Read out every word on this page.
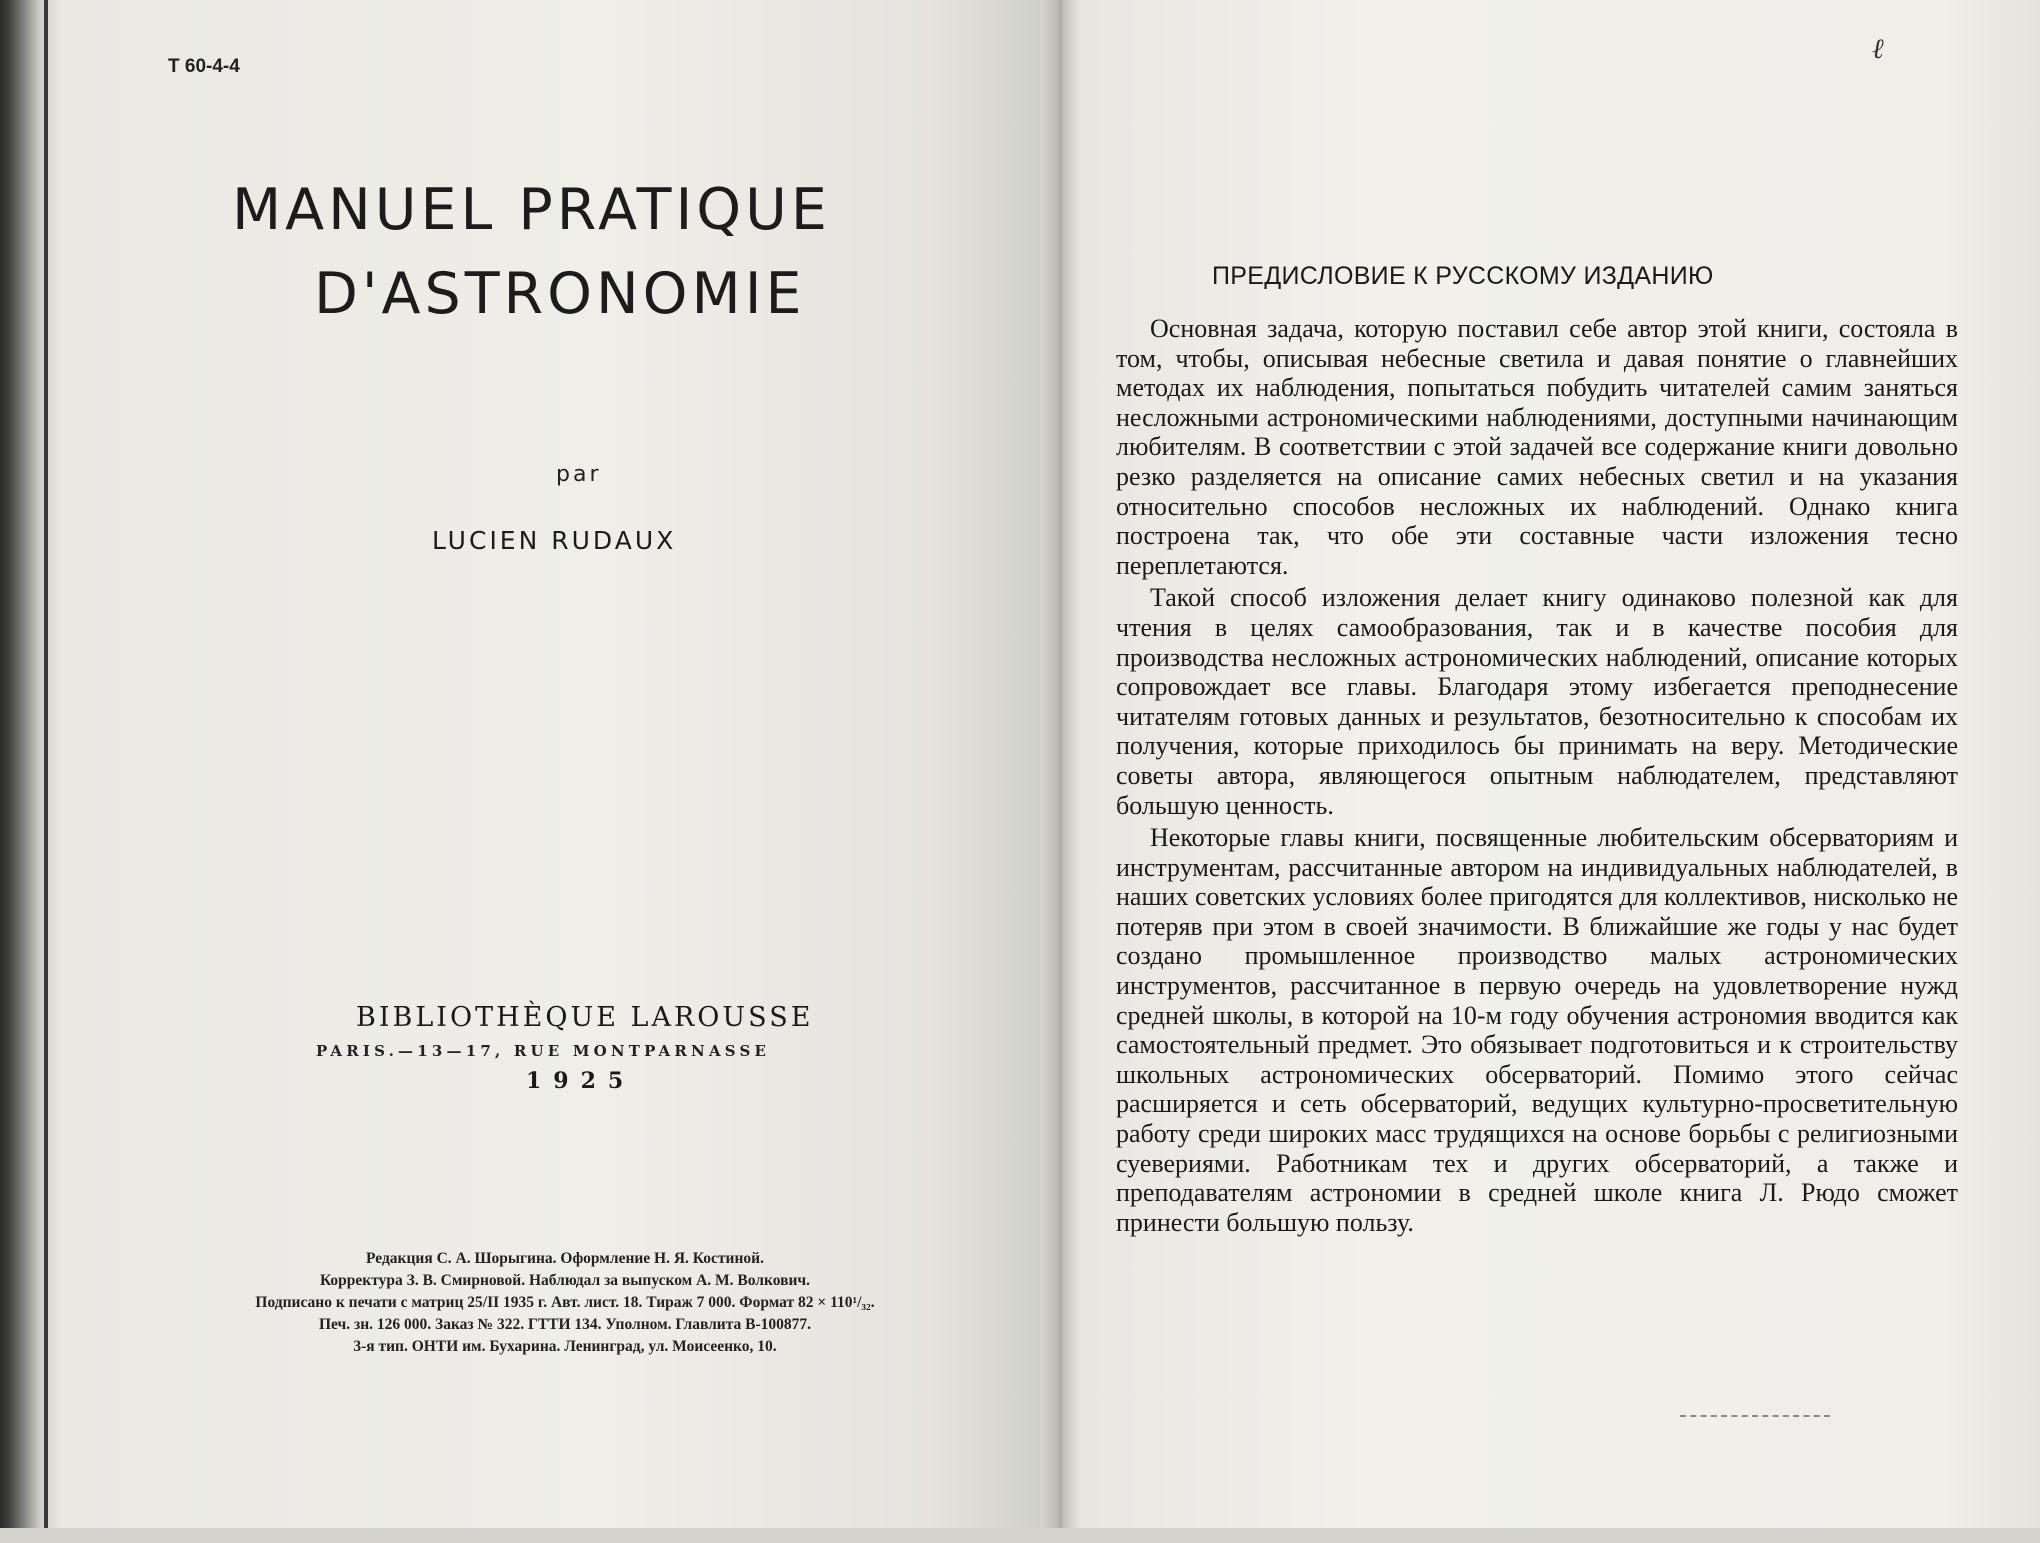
Т 60-4-4
MANUEL PRATIQUE
D'ASTRONOMIE
par
LUCIEN RUDAUX
BIBLIOTHÈQUE LAROUSSE
PARIS.—13—17, RUE MONTPARNASSE
1925
Редакция С. А. Шорыгина. Оформление Н. Я. Костиной.
Корректура З. В. Смирновой. Наблюдал за выпуском А. М. Волкович.
Подписано к печати с матриц 25/II 1935 г. Авт. лист. 18. Тираж 7 000. Формат 82 × 110¹/₃₂.
Печ. зн. 126 000. Заказ № 322. ГТТИ 134. Уполном. Главлита В-100877.
3-я тип. ОНТИ им. Бухарина. Ленинград, ул. Моисеенко, 10.
ℓ
ПРЕДИСЛОВИЕ К РУССКОМУ ИЗДАНИЮ

Основная задача, которую поставил себе автор этой книги, состояла в том, чтобы, описывая небесные светила и давая понятие о главнейших методах их наблюдения, попытаться побудить читателей самим заняться несложными астрономическими наблюдениями, доступными начинающим любителям. В соответствии с этой задачей все содержание книги довольно резко разделяется на описание самих небесных светил и на указания относительно способов несложных их наблюдений. Однако книга построена так, что обе эти составные части изложения тесно переплетаются.

Такой способ изложения делает книгу одинаково полезной как для чтения в целях самообразования, так и в качестве пособия для производства несложных астрономических наблюдений, описание которых сопровождает все главы. Благодаря этому избегается преподнесение читателям готовых данных и результатов, безотносительно к способам их получения, которые приходилось бы принимать на веру. Методические советы автора, являющегося опытным наблюдателем, представляют большую ценность.

Некоторые главы книги, посвященные любительским обсерваториям и инструментам, рассчитанные автором на индивидуальных наблюдателей, в наших советских условиях более пригодятся для коллективов, нисколько не потеряв при этом в своей значимости. В ближайшие же годы у нас будет создано промышленное производство малых астрономических инструментов, рассчитанное в первую очередь на удовлетворение нужд средней школы, в которой на 10-м году обучения астрономия вводится как самостоятельный предмет. Это обязывает подготовиться и к строительству школьных астрономических обсерваторий. Помимо этого сейчас расширяется и сеть обсерваторий, ведущих культурно-просветительную работу среди широких масс трудящихся на основе борьбы с религиозными суевериями. Работникам тех и других обсерваторий, а также и преподавателям астрономии в средней школе книга Л. Рюдо сможет принести большую пользу.
